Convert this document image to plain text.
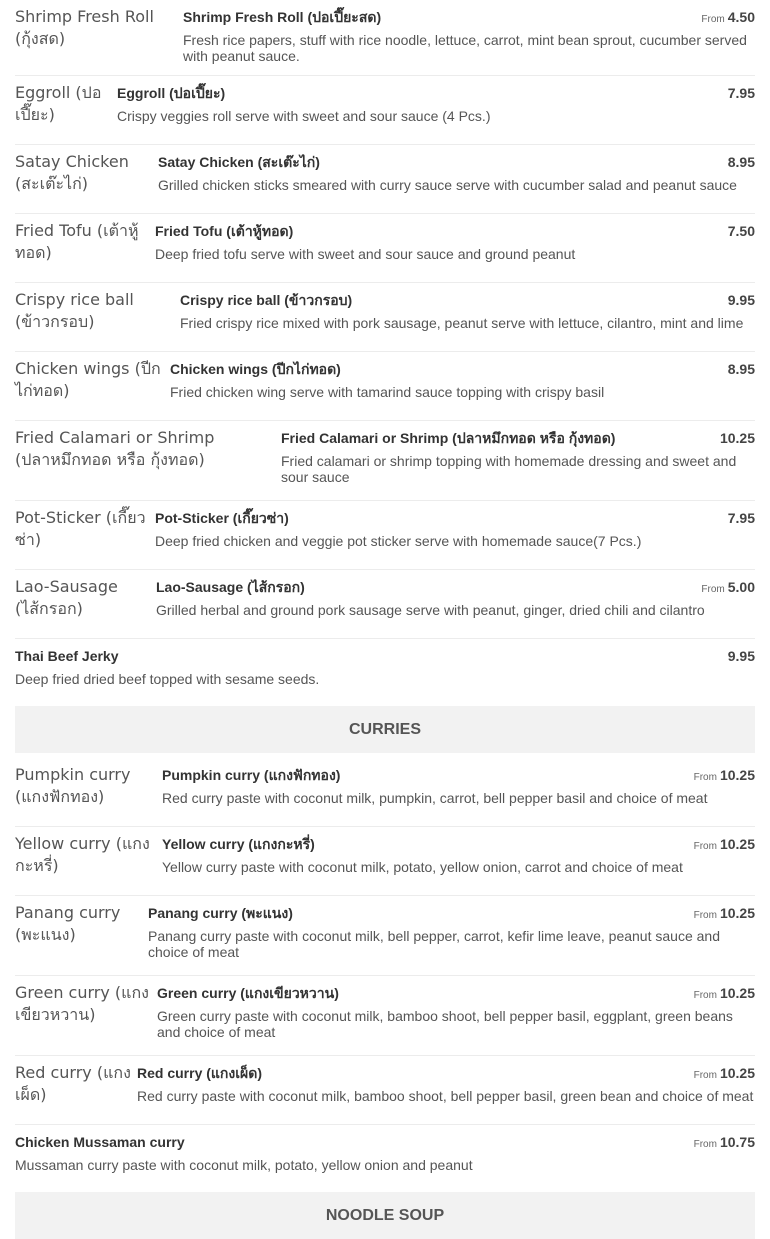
Shrimp Fresh Roll (กุ้งสด)
Shrimp Fresh Roll (ปอเปี๊ยะสด)	From 4.50
Fresh rice papers, stuff with rice noodle, lettuce, carrot, mint bean sprout, cucumber served with peanut sauce.
Eggroll (ปอเปี๊ยะ)
Eggroll (ปอเปี๊ยะ)	7.95
Crispy veggies roll serve with sweet and sour sauce (4 Pcs.)
Satay Chicken (สะเต๊ะไก่)
Satay Chicken (สะเต๊ะไก่)	8.95
Grilled chicken sticks smeared with curry sauce serve with cucumber salad and peanut sauce
Fried Tofu (เต้าหู้ทอด)
Fried Tofu (เต้าหู้ทอด)	7.50
Deep fried tofu serve with sweet and sour sauce and ground peanut
Crispy rice ball (ข้าวกรอบ)
Crispy rice ball (ข้าวกรอบ)	9.95
Fried crispy rice mixed with pork sausage, peanut serve with lettuce, cilantro, mint and lime
Chicken wings (ปีกไก่ทอด)
Chicken wings (ปีกไก่ทอด)	8.95
Fried chicken wing serve with tamarind sauce topping with crispy basil
Fried Calamari or Shrimp (ปลาหมึกทอด หรือ กุ้งทอด)
Fried Calamari or Shrimp (ปลาหมึกทอด หรือ กุ้งทอด)	10.25
Fried calamari or shrimp topping with homemade dressing and sweet and sour sauce
Pot-Sticker (เกี๊ยวซ่า)
Pot-Sticker (เกี๊ยวซ่า)	7.95
Deep fried chicken and veggie pot sticker serve with homemade sauce(7 Pcs.)
Lao-Sausage (ไส้กรอก)
Lao-Sausage (ไส้กรอก)	From 5.00
Grilled herbal and ground pork sausage serve with peanut, ginger, dried chili and cilantro
Thai Beef Jerky	9.95
Deep fried dried beef topped with sesame seeds.
CURRIES
Pumpkin curry (แกงฟักทอง)
Pumpkin curry (แกงฟักทอง)	From 10.25
Red curry paste with coconut milk, pumpkin, carrot, bell pepper basil and choice of meat
Yellow curry (แกงกะหรี่)
Yellow curry (แกงกะหรี่)	From 10.25
Yellow curry paste with coconut milk, potato, yellow onion, carrot and choice of meat
Panang curry (พะแนง)
Panang curry (พะแนง)	From 10.25
Panang curry paste with coconut milk, bell pepper, carrot, kefir lime leave, peanut sauce and choice of meat
Green curry (แกงเขียวหวาน)
Green curry (แกงเขียวหวาน)	From 10.25
Green curry paste with coconut milk, bamboo shoot, bell pepper basil, eggplant, green beans and choice of meat
Red curry (แกงเผ็ด)
Red curry (แกงเผ็ด)	From 10.25
Red curry paste with coconut milk, bamboo shoot, bell pepper basil, green bean and choice of meat
Chicken Mussaman curry	From 10.75
Mussaman curry paste with coconut milk, potato, yellow onion and peanut
NOODLE SOUP
